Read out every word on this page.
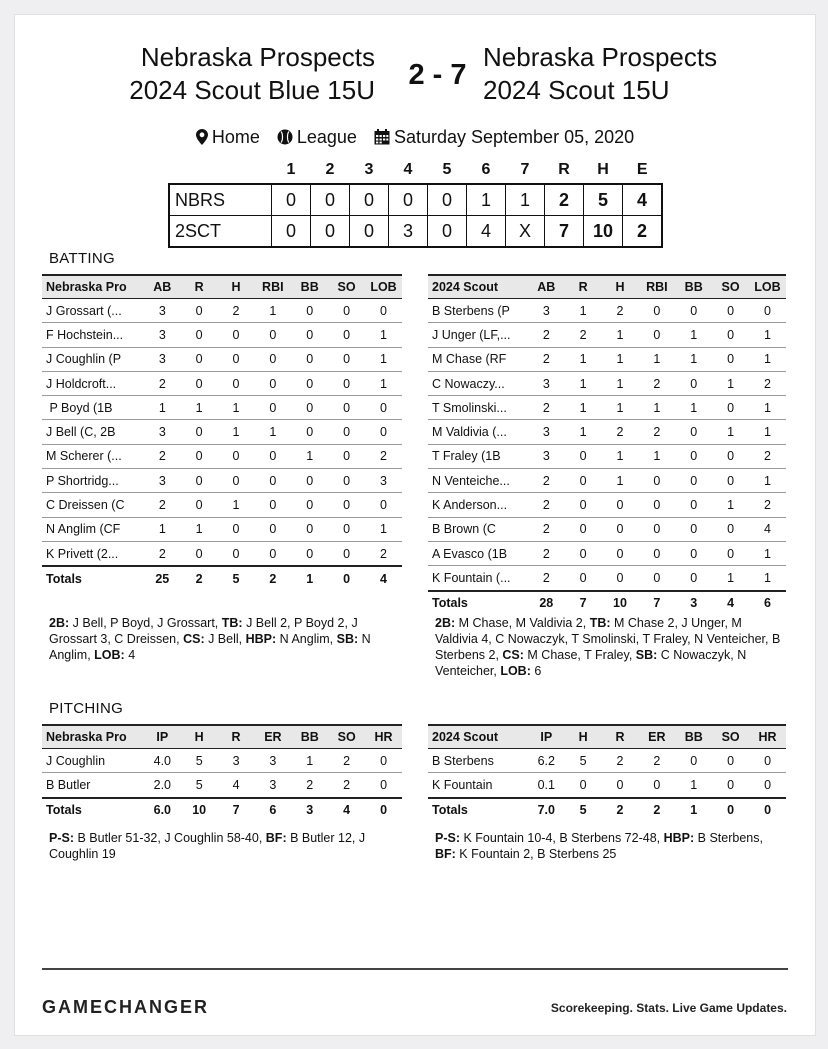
Nebraska Prospects
2024 Scout Blue 15U	2 - 7
Nebraska Prospects
2024 Scout 15U
Home League Saturday September 05, 2020
	1	2	3	4	5	6	7	R	H	E
NBRS	0	0	0	0	0	1	1	2	5	4
2SCT	0	0	0	3	0	4	X	7	10	2
BATTING
Nebraska Pro	AB	R	H	RBI	BB	SO	LOB
J Grossart (...	3	0	2	1	0	0	0
F Hochstein...	3	0	0	0	0	0	1
J Coughlin (P	3	0	0	0	0	0	1
J Holdcroft...	2	0	0	0	0	0	1
P Boyd (1B	1	1	1	0	0	0	0
J Bell (C, 2B	3	0	1	1	0	0	0
M Scherer (...	2	0	0	0	1	0	2
P Shortridg...	3	0	0	0	0	0	3
C Dreissen (C	2	0	1	0	0	0	0
N Anglim (CF	1	1	0	0	0	0	1
K Privett (2...	2	0	0	0	0	0	2
Totals	25	2	5	2	1	0	4
2024 Scout	AB	R	H	RBI	BB	SO	LOB
B Sterbens (P	3	1	2	0	0	0	0
J Unger (LF,...	2	2	1	0	1	0	1
M Chase (RF	2	1	1	1	1	0	1
C Nowaczy...	3	1	1	2	0	1	2
T Smolinski...	2	1	1	1	1	0	1
M Valdivia (...	3	1	2	2	0	1	1
T Fraley (1B	3	0	1	1	0	0	2
N Venteiche...	2	0	1	0	0	0	1
K Anderson...	2	0	0	0	0	1	2
B Brown (C	2	0	0	0	0	0	4
A Evasco (1B	2	0	0	0	0	0	1
K Fountain (...	2	0	0	0	0	1	1
Totals	28	7	10	7	3	4	6
2B: J Bell, P Boyd, J Grossart, TB: J Bell 2, P Boyd 2, J Grossart 3, C Dreissen, CS: J Bell, HBP: N Anglim, SB: N Anglim, LOB: 4
2B: M Chase, M Valdivia 2, TB: M Chase 2, J Unger, M Valdivia 4, C Nowaczyk, T Smolinski, T Fraley, N Venteicher, B Sterbens 2, CS: M Chase, T Fraley, SB: C Nowaczyk, N Venteicher, LOB: 6
PITCHING
Nebraska Pro	IP	H	R	ER	BB	SO	HR
J Coughlin	4.0	5	3	3	1	2	0
B Butler	2.0	5	4	3	2	2	0
Totals	6.0	10	7	6	3	4	0
2024 Scout	IP	H	R	ER	BB	SO	HR
B Sterbens	6.2	5	2	2	0	0	0
K Fountain	0.1	0	0	0	1	0	0
Totals	7.0	5	2	2	1	0	0
P-S: B Butler 51-32, J Coughlin 58-40, BF: B Butler 12, J Coughlin 19
P-S: K Fountain 10-4, B Sterbens 72-48, HBP: B Sterbens, BF: K Fountain 2, B Sterbens 25
GAMECHANGER	Scorekeeping. Stats. Live Game Updates.
